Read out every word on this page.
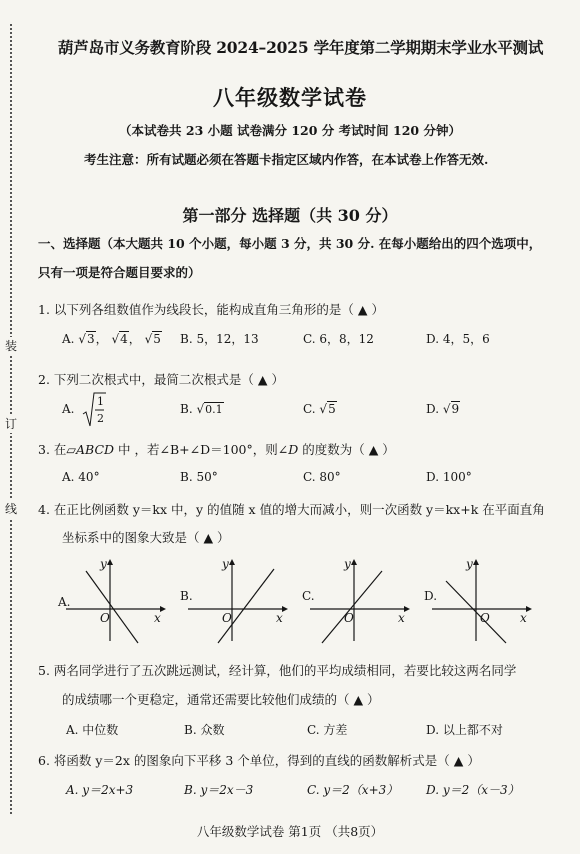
装
订
线
葫芦岛市义务教育阶段 2024–2025 学年度第二学期期末学业水平测试
八年级数学试卷
（本试卷共 23 小题 试卷满分 120 分 考试时间 120 分钟）
考生注意：所有试题必须在答题卡指定区域内作答，在本试卷上作答无效.
第一部分 选择题（共 30 分）
一、选择题（本大题共 10 个小题，每小题 3 分，共 30 分. 在每小题给出的四个选项中，
只有一项是符合题目要求的）
1. 以下列各组数值作为线段长，能构成直角三角形的是（ ▲ ）
A. √3， √4， √5 B. 5，12，13	C. 6，8，12	D. 4，5，6
2. 下列二次根式中，最简二次根式是（ ▲ ）
A.
1
2
B. √0.1	C. √5	D. √9
3. 在▱ABCD 中 ，若∠B+∠D＝100°，则∠D 的度数为（ ▲ ）
A. 40°	B. 50°	C. 80°	D. 100°
4. 在正比例函数 y＝kx 中，y 的值随 x 值的增大而减小，则一次函数 y＝kx+k 在平面直角
坐标系中的图象大致是（ ▲ ）
A.
y
O	x
B.
y
O	x
C.
y
O	x
D.
y
O	x
5. 两名同学进行了五次跳远测试，经计算，他们的平均成绩相同，若要比较这两名同学
的成绩哪一个更稳定，通常还需要比较他们成绩的（ ▲ ）
A. 中位数	B. 众数	C. 方差	D. 以上都不对
6. 将函数 y＝2x 的图象向下平移 3 个单位，得到的直线的函数解析式是（ ▲ ）
A. y＝2x+3	B. y＝2x－3	C. y＝2（x+3） D. y＝2（x－3）
八年级数学试卷 第1页 （共8页）
